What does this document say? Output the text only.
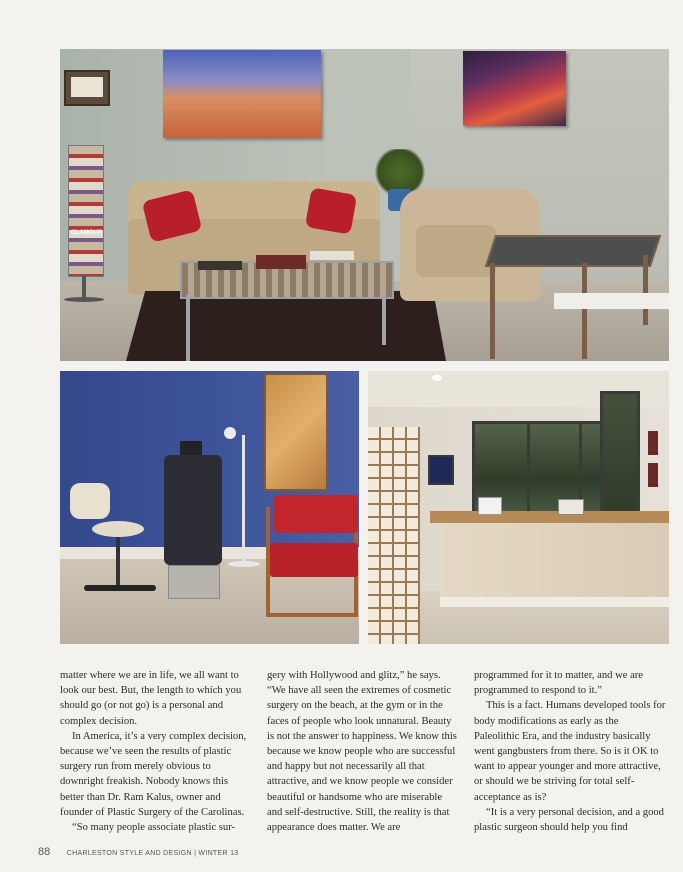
GLAMOUR

matter where we are in life, we all want to look our best. But, the length to which you should go (or not go) is a personal and complex decision.

In America, it’s a very complex decision, because we’ve seen the results of plastic surgery run from merely obvious to downright freakish. Nobody knows this better than Dr. Ram Kalus, owner and founder of Plastic Surgery of the Carolinas.

“So many people associate plastic sur-

gery with Hollywood and glitz,” he says. “We have all seen the extremes of cosmetic surgery on the beach, at the gym or in the faces of people who look unnatural. Beauty is not the answer to happiness. We know this because we know people who are successful and happy but not necessarily all that attractive, and we know people we consider beautiful or handsome who are miserable and self-destructive. Still, the reality is that appearance does matter. We are

programmed for it to matter, and we are programmed to respond to it.”

This is a fact. Humans developed tools for body modifications as early as the Paleolithic Era, and the industry basically went gangbusters from there. So is it OK to want to appear younger and more attractive, or should we be striving for total self-acceptance as is?

“It is a very personal decision, and a good plastic surgeon should help you find

88 CHARLESTON STYLE AND DESIGN | WINTER 13
